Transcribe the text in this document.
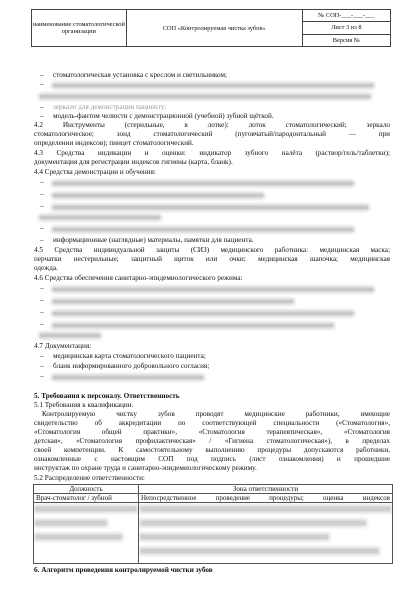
наименование стоматологической организации	СОП «Контролируемая чистка зубов»	№ СОП-___-___-___
Лист 3 из 8
Версия №
– стоматологическая установка с креслом и светильником;
–
– зеркало для демонстрации пациенту;
– модель-фантом челюсти с демонстрационной (учебной) зубной щёткой.
4.2 Инструменты (стерильные, в лотке): лоток стоматологический; зеркало
стоматологическое; зонд стоматологический (пуговчатый/пародонтальный — при
определении индексов); пинцет стоматологический.
4.3 Средства индикации и оценки: индикатор зубного налёта (раствор/гель/таблетки);
документация для регистрации индексов гигиены (карта, бланк).
4.4 Средства демонстрации и обучения:
–
–
–
–
– информационные (наглядные) материалы, памятки для пациента.
4.5 Средства индивидуальной защиты (СИЗ) медицинского работника: медицинская маска;
перчатки нестерильные; защитный щиток или очки; медицинская шапочка; медицинская
одежда.
4.6 Средства обеспечения санитарно-эпидемиологического режима:
–
–
–
–
4.7 Документация:
– медицинская карта стоматологического пациента;
– бланк информированного добровольного согласия;
–
5. Требования к персоналу. Ответственность
5.1 Требования к квалификации.
Контролируемую чистку зубов проводят медицинские работники, имеющие
свидетельство об аккредитации по соответствующей специальности («Стоматология»,
«Стоматология общей практики», «Стоматология терапевтическая», «Стоматология
детская», «Стоматология профилактическая» / «Гигиена стоматологическая»), в пределах
своей компетенции. К самостоятельному выполнению процедуры допускаются работники,
ознакомленные с настоящим СОП под подпись (лист ознакомления) и прошедшие
инструктаж по охране труда и санитарно-эпидемиологическому режиму.
5.2 Распределение ответственности:
Должность	Зона ответственности
Врач-стоматолог / зубной	Непосредственное проведение процедуры; оценка индексов

6. Алгоритм проведения контролируемой чистки зубов
